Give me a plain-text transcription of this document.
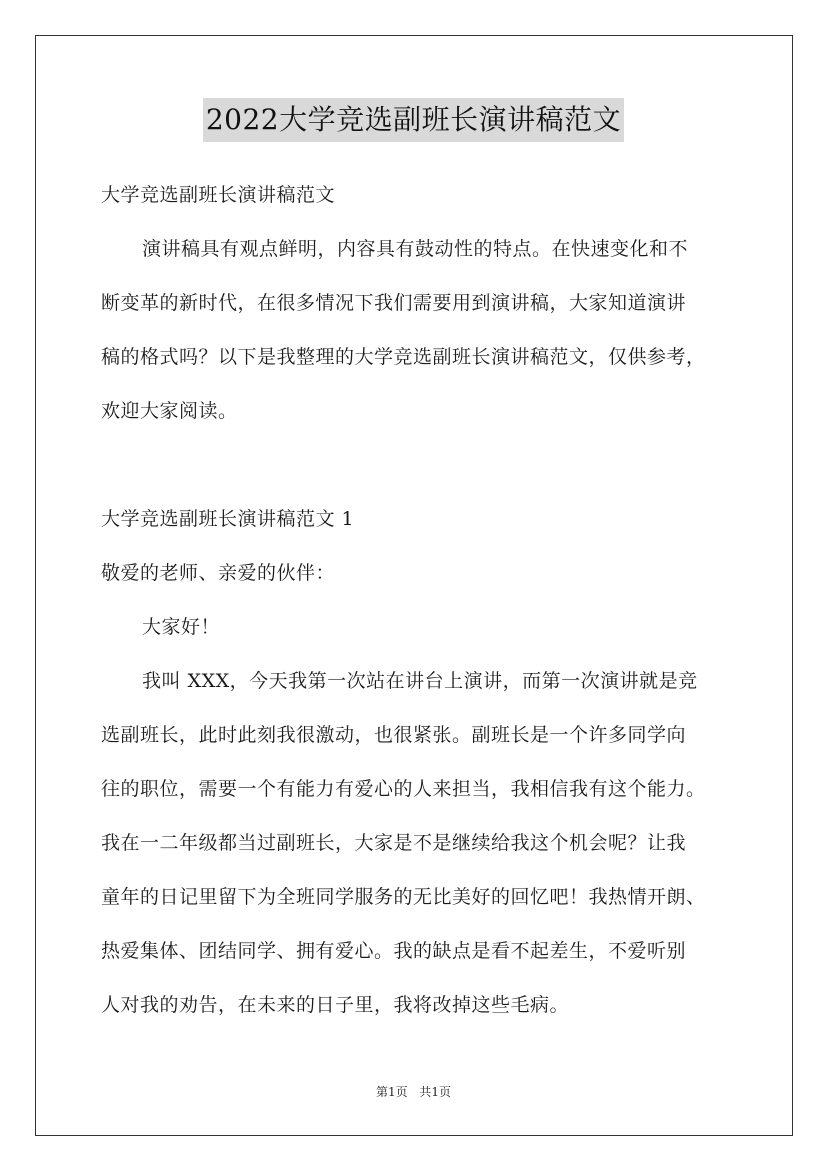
2022大学竞选副班长演讲稿范文
大学竞选副班长演讲稿范文
演讲稿具有观点鲜明，内容具有鼓动性的特点。在快速变化和不
断变革的新时代，在很多情况下我们需要用到演讲稿，大家知道演讲
稿的格式吗？以下是我整理的大学竞选副班长演讲稿范文，仅供参考，
欢迎大家阅读。
大学竞选副班长演讲稿范文 1
敬爱的老师、亲爱的伙伴：
大家好！
我叫 XXX，今天我第一次站在讲台上演讲，而第一次演讲就是竞
选副班长，此时此刻我很激动，也很紧张。副班长是一个许多同学向
往的职位，需要一个有能力有爱心的人来担当，我相信我有这个能力。
我在一二年级都当过副班长，大家是不是继续给我这个机会呢？让我
童年的日记里留下为全班同学服务的无比美好的回忆吧！我热情开朗、
热爱集体、团结同学、拥有爱心。我的缺点是看不起差生，不爱听别
人对我的劝告，在未来的日子里，我将改掉这些毛病。
第1页 共1页
